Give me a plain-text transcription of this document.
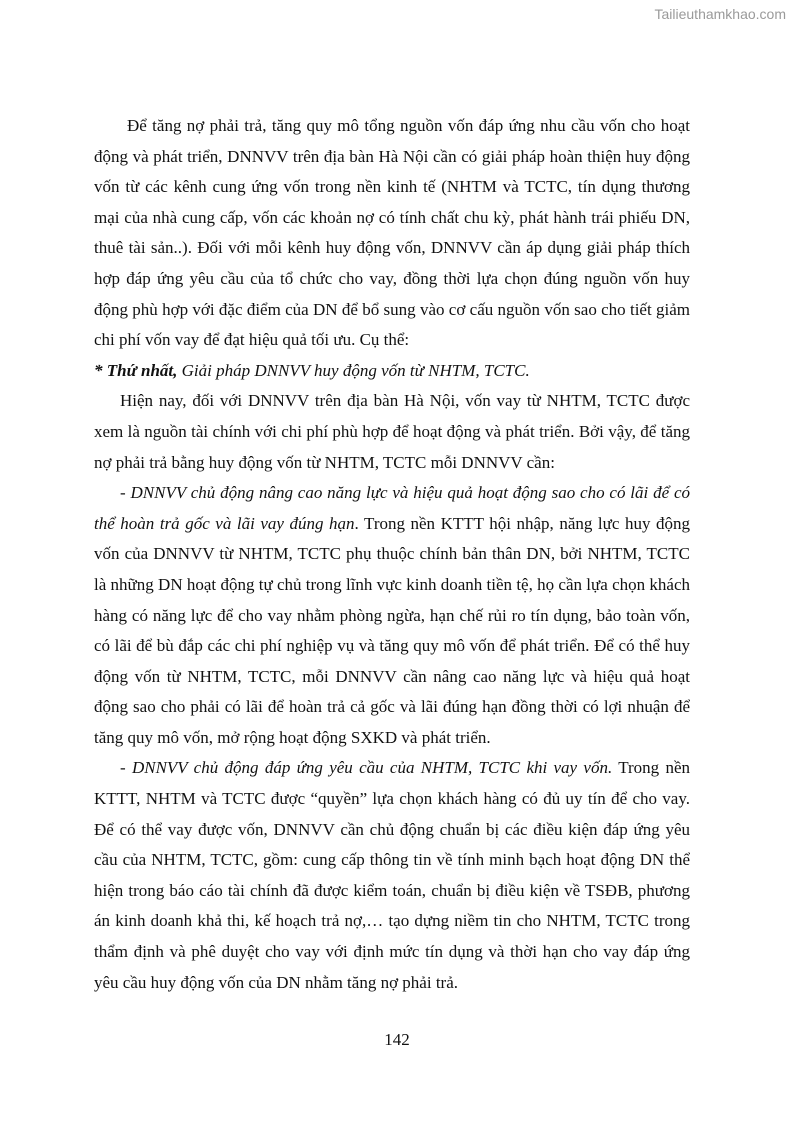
Tailieuthamkhao.com

Để tăng nợ phải trả, tăng quy mô tổng nguồn vốn đáp ứng nhu cầu vốn cho hoạt động và phát triển, DNNVV trên địa bàn Hà Nội cần có giải pháp hoàn thiện huy động vốn từ các kênh cung ứng vốn trong nền kinh tế (NHTM và TCTC, tín dụng thương mại của nhà cung cấp, vốn các khoản nợ có tính chất chu kỳ, phát hành trái phiếu DN, thuê tài sản..). Đối với mỗi kênh huy động vốn, DNNVV cần áp dụng giải pháp thích hợp đáp ứng yêu cầu của tổ chức cho vay, đồng thời lựa chọn đúng nguồn vốn huy động phù hợp với đặc điểm của DN để bổ sung vào cơ cấu nguồn vốn sao cho tiết giảm chi phí vốn vay để đạt hiệu quả tối ưu. Cụ thể:

* Thứ nhất, Giải pháp DNNVV huy động vốn từ NHTM, TCTC.

Hiện nay, đối với DNNVV trên địa bàn Hà Nội, vốn vay từ NHTM, TCTC được xem là nguồn tài chính với chi phí phù hợp để hoạt động và phát triển. Bởi vậy, để tăng nợ phải trả bằng huy động vốn từ NHTM, TCTC mỗi DNNVV cần:

- DNNVV chủ động nâng cao năng lực và hiệu quả hoạt động sao cho có lãi để có thể hoàn trả gốc và lãi vay đúng hạn. Trong nền KTTT hội nhập, năng lực huy động vốn của DNNVV từ NHTM, TCTC phụ thuộc chính bản thân DN, bởi NHTM, TCTC là những DN hoạt động tự chủ trong lĩnh vực kinh doanh tiền tệ, họ cần lựa chọn khách hàng có năng lực để cho vay nhằm phòng ngừa, hạn chế rủi ro tín dụng, bảo toàn vốn, có lãi để bù đắp các chi phí nghiệp vụ và tăng quy mô vốn để phát triển. Để có thể huy động vốn từ NHTM, TCTC, mỗi DNNVV cần nâng cao năng lực và hiệu quả hoạt động sao cho phải có lãi để hoàn trả cả gốc và lãi đúng hạn đồng thời có lợi nhuận để tăng quy mô vốn, mở rộng hoạt động SXKD và phát triển.

- DNNVV chủ động đáp ứng yêu cầu của NHTM, TCTC khi vay vốn. Trong nền KTTT, NHTM và TCTC được “quyền” lựa chọn khách hàng có đủ uy tín để cho vay. Để có thể vay được vốn, DNNVV cần chủ động chuẩn bị các điều kiện đáp ứng yêu cầu của NHTM, TCTC, gồm: cung cấp thông tin về tính minh bạch hoạt động DN thể hiện trong báo cáo tài chính đã được kiểm toán, chuẩn bị điều kiện về TSĐB, phương án kinh doanh khả thi, kế hoạch trả nợ,… tạo dựng niềm tin cho NHTM, TCTC trong thẩm định và phê duyệt cho vay với định mức tín dụng và thời hạn cho vay đáp ứng yêu cầu huy động vốn của DN nhằm tăng nợ phải trả.

142
